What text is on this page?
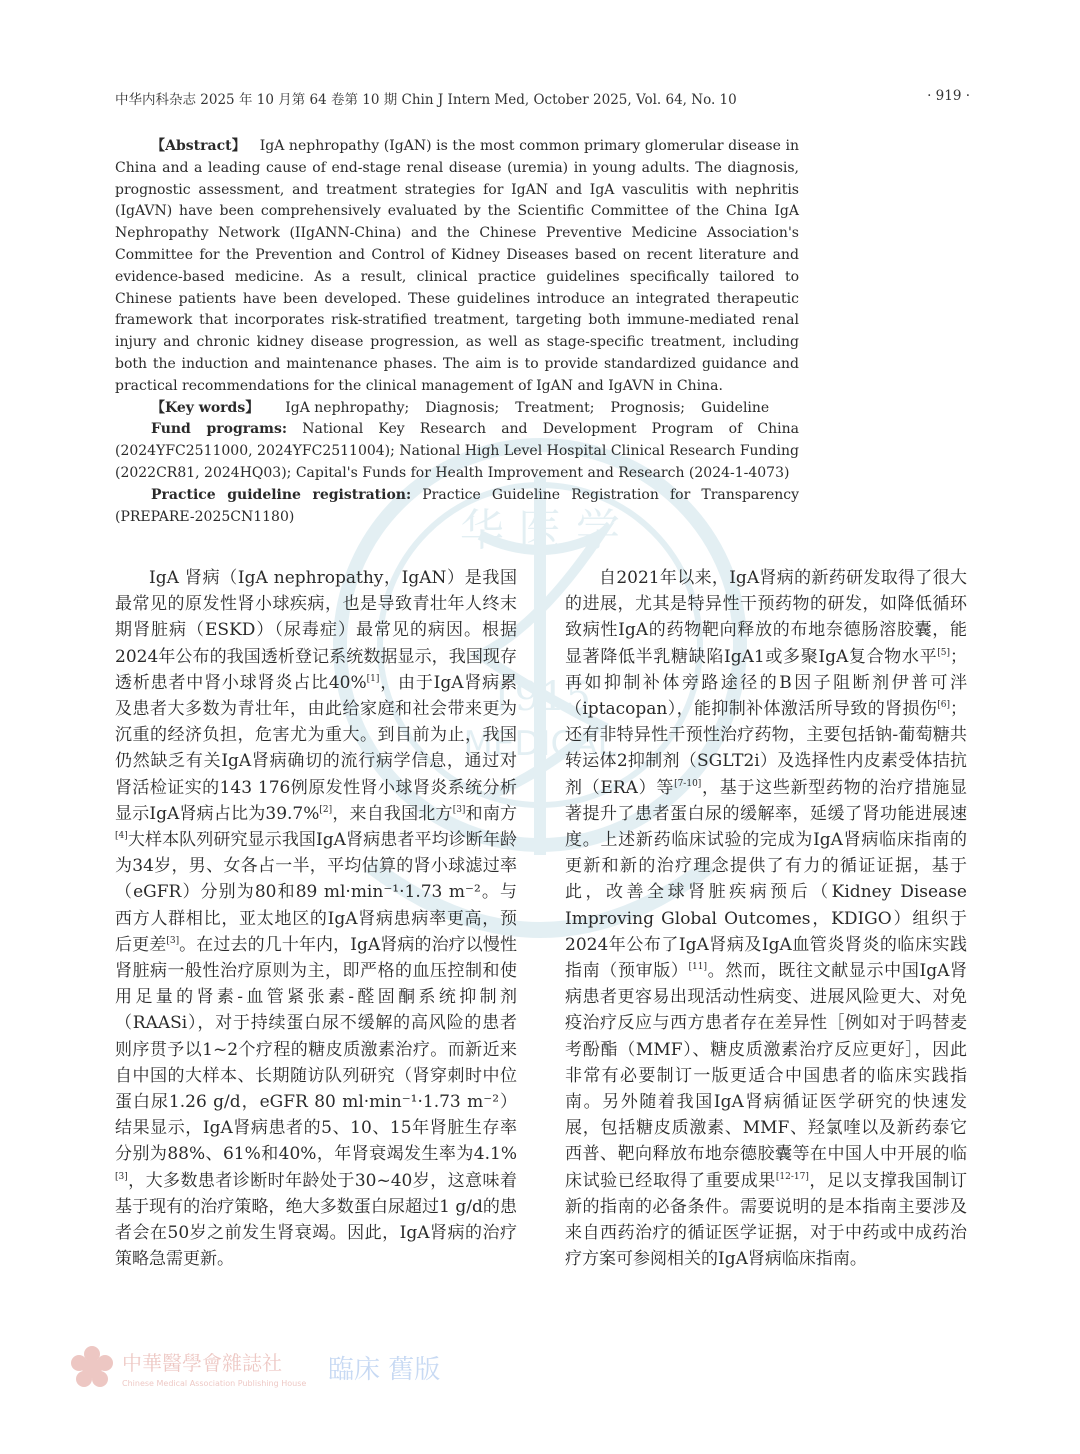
华 医 学
1915
MEDICAL
中华内科杂志 2025 年 10 月第 64 卷第 10 期 Chin J Intern Med, October 2025, Vol. 64, No. 10	· 919 ·

【Abstract】 IgA nephropathy (IgAN) is the most common primary glomerular disease in China and a leading cause of end-stage renal disease (uremia) in young adults. The diagnosis, prognostic assessment, and treatment strategies for IgAN and IgA vasculitis with nephritis (IgAVN) have been comprehensively evaluated by the Scientific Committee of the China IgA Nephropathy Network (IIgANN-China) and the Chinese Preventive Medicine Association's Committee for the Prevention and Control of Kidney Diseases based on recent literature and evidence-based medicine. As a result, clinical practice guidelines specifically tailored to Chinese patients have been developed. These guidelines introduce an integrated therapeutic framework that incorporates risk-stratified treatment, targeting both immune-mediated renal injury and chronic kidney disease progression, as well as stage-specific treatment, including both the induction and maintenance phases. The aim is to provide standardized guidance and practical recommendations for the clinical management of IgAN and IgAVN in China.

【Key words】 IgA nephropathy; Diagnosis; Treatment; Prognosis; Guideline

Fund programs: National Key Research and Development Program of China (2024YFC2511000, 2024YFC2511004); National High Level Hospital Clinical Research Funding (2022CR81, 2024HQ03); Capital's Funds for Health Improvement and Research (2024-1-4073)

Practice guideline registration: Practice Guideline Registration for Transparency (PREPARE-2025CN1180)

IgA 肾病（IgA nephropathy，IgAN）是我国最常见的原发性肾小球疾病，也是导致青壮年人终末期肾脏病（ESKD）（尿毒症）最常见的病因。根据2024年公布的我国透析登记系统数据显示，我国现存透析患者中肾小球肾炎占比40%[1]，由于IgA肾病累及患者大多数为青壮年，由此给家庭和社会带来更为沉重的经济负担，危害尤为重大。到目前为止，我国仍然缺乏有关IgA肾病确切的流行病学信息，通过对肾活检证实的143 176例原发性肾小球肾炎系统分析显示IgA肾病占比为39.7%[2]，来自我国北方[3]和南方[4]大样本队列研究显示我国IgA肾病患者平均诊断年龄为34岁，男、女各占一半，平均估算的肾小球滤过率（eGFR）分别为80和89 ml·min⁻¹·1.73 m⁻²。与西方人群相比，亚太地区的IgA肾病患病率更高，预后更差[3]。在过去的几十年内，IgA肾病的治疗以慢性肾脏病一般性治疗原则为主，即严格的血压控制和使用足量的肾素-血管紧张素-醛固酮系统抑制剂（RAASi），对于持续蛋白尿不缓解的高风险的患者则序贯予以1~2个疗程的糖皮质激素治疗。而新近来自中国的大样本、长期随访队列研究（肾穿刺时中位蛋白尿1.26 g/d，eGFR 80 ml·min⁻¹·1.73 m⁻²）结果显示，IgA肾病患者的5、10、15年肾脏生存率分别为88%、61%和40%，年肾衰竭发生率为4.1%[3]，大多数患者诊断时年龄处于30~40岁，这意味着基于现有的治疗策略，绝大多数蛋白尿超过1 g/d的患者会在50岁之前发生肾衰竭。因此，IgA肾病的治疗策略急需更新。

自2021年以来，IgA肾病的新药研发取得了很大的进展，尤其是特异性干预药物的研发，如降低循环致病性IgA的药物靶向释放的布地奈德肠溶胶囊，能显著降低半乳糖缺陷IgA1或多聚IgA复合物水平[5]；再如抑制补体旁路途径的B因子阻断剂伊普可泮（iptacopan），能抑制补体激活所导致的肾损伤[6]；还有非特异性干预性治疗药物，主要包括钠-葡萄糖共转运体2抑制剂（SGLT2i）及选择性内皮素受体拮抗剂（ERA）等[7-10]，基于这些新型药物的治疗措施显著提升了患者蛋白尿的缓解率，延缓了肾功能进展速度。上述新药临床试验的完成为IgA肾病临床指南的更新和新的治疗理念提供了有力的循证证据，基于此，改善全球肾脏疾病预后（Kidney Disease Improving Global Outcomes，KDIGO）组织于2024年公布了IgA肾病及IgA血管炎肾炎的临床实践指南（预审版）[11]。然而，既往文献显示中国IgA肾病患者更容易出现活动性病变、进展风险更大、对免疫治疗反应与西方患者存在差异性［例如对于吗替麦考酚酯（MMF）、糖皮质激素治疗反应更好］，因此非常有必要制订一版更适合中国患者的临床实践指南。另外随着我国IgA肾病循证医学研究的快速发展，包括糖皮质激素、MMF、羟氯喹以及新药泰它西普、靶向释放布地奈德胶囊等在中国人中开展的临床试验已经取得了重要成果[12-17]，足以支撑我国制订新的指南的必备条件。需要说明的是本指南主要涉及来自西药治疗的循证医学证据，对于中药或中成药治疗方案可参阅相关的IgA肾病临床指南。

中華醫學會雜誌社
Chinese Medical Association Publishing House 臨床 舊版
